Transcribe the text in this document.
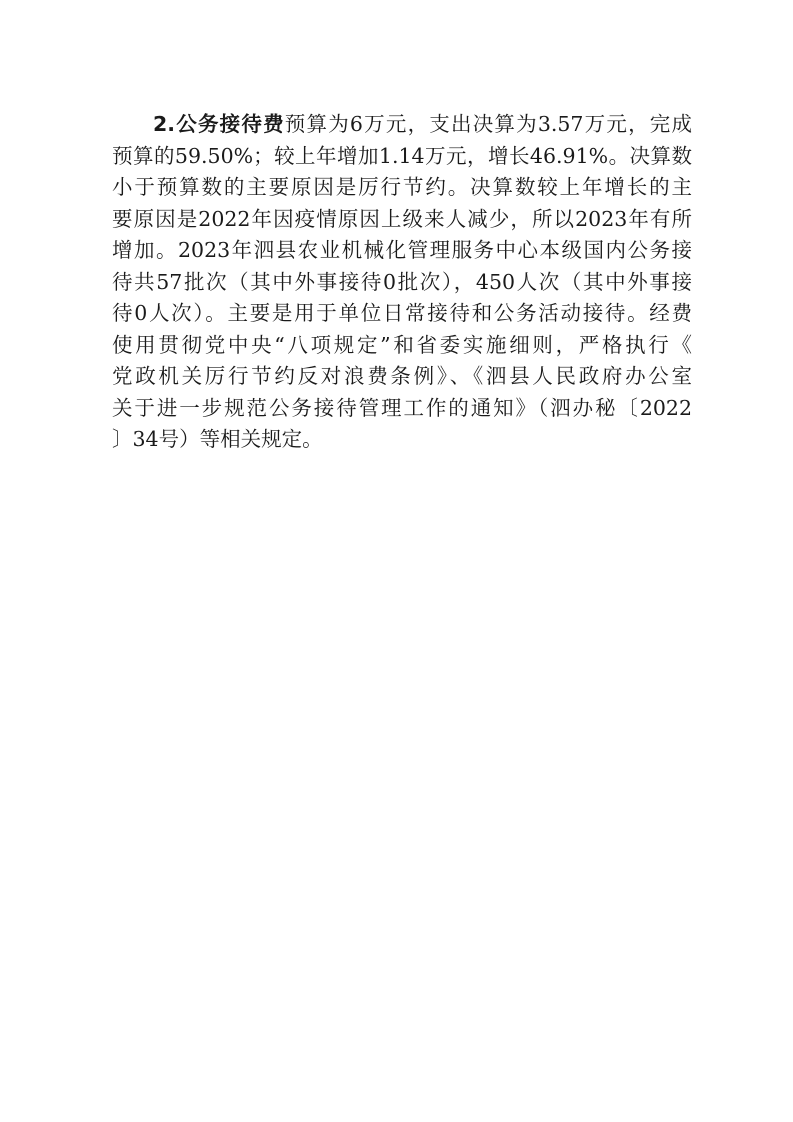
2.公务接待费预算为6万元，支出决算为3.57万元，完成
预算的59.50%；较上年增加1.14万元，增长46.91%。决算数
小于预算数的主要原因是厉行节约。决算数较上年增长的主
要原因是2022年因疫情原因上级来人减少，所以2023年有所
增加。2023年泗县农业机械化管理服务中心本级国内公务接
待共57批次（其中外事接待0批次），450人次（其中外事接
待0人次）。主要是用于单位日常接待和公务活动接待。经费
使用贯彻党中央“八项规定”和省委实施细则，严格执行《
党政机关厉行节约反对浪费条例》、《泗县人民政府办公室
关于进一步规范公务接待管理工作的通知》（泗办秘〔2022
〕34号）等相关规定。
